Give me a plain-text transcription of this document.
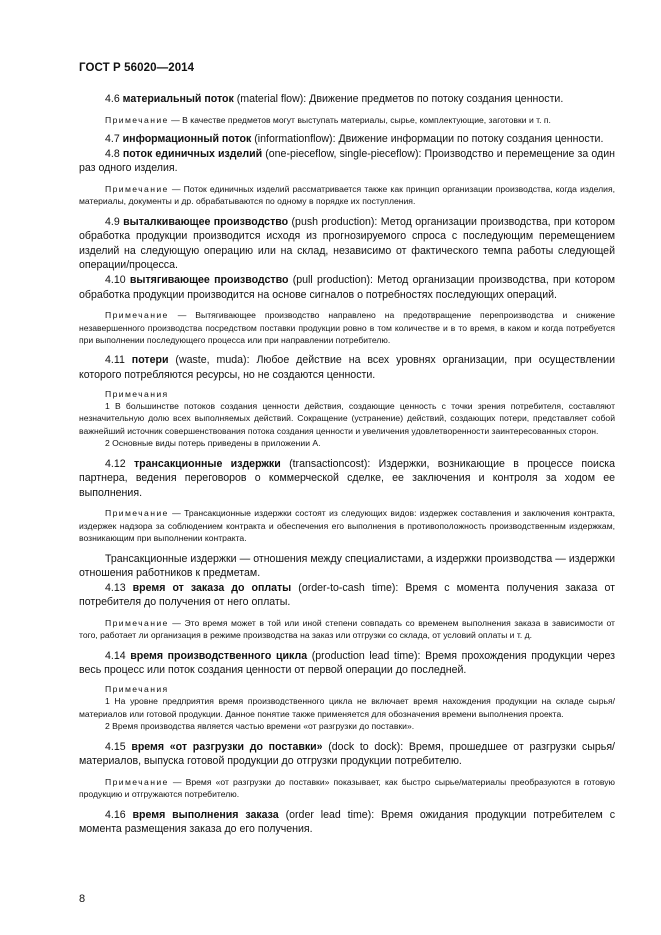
ГОСТ Р 56020—2014

4.6 материальный поток (material flow): Движение предметов по потоку создания ценности.

Примечание — В качестве предметов могут выступать материалы, сырье, комплектующие, заготовки и т. п.

4.7 информационный поток (informationflow): Движение информации по потоку создания ценности.

4.8 поток единичных изделий (one-pieceflow, single-pieceflow): Производство и перемещение за один раз одного изделия.

Примечание — Поток единичных изделий рассматривается также как принцип организации производства, когда изделия, материалы, документы и др. обрабатываются по одному в порядке их поступления.

4.9 выталкивающее производство (push production): Метод организации производства, при котором обработка продукции производится исходя из прогнозируемого спроса с последующим перемещением изделий на следующую операцию или на склад, независимо от фактического темпа работы следующей операции/процесса.

4.10 вытягивающее производство (pull production): Метод организации производства, при котором обработка продукции производится на основе сигналов о потребностях последующих операций.

Примечание — Вытягивающее производство направлено на предотвращение перепроизводства и снижение незавершенного производства посредством поставки продукции ровно в том количестве и в то время, в каком и когда потребуется при выполнении последующего процесса или при направлении потребителю.

4.11 потери (waste, muda): Любое действие на всех уровнях организации, при осуществлении которого потребляются ресурсы, но не создаются ценности.

Примечания

1 В большинстве потоков создания ценности действия, создающие ценность с точки зрения потребителя, составляют незначительную долю всех выполняемых действий. Сокращение (устранение) действий, создающих потери, представляет собой важнейший источник совершенствования потока создания ценности и увеличения удовлетворенности заинтересованных сторон.

2 Основные виды потерь приведены в приложении А.

4.12 трансакционные издержки (transactioncost): Издержки, возникающие в процессе поиска партнера, ведения переговоров о коммерческой сделке, ее заключения и контроля за ходом ее выполнения.

Примечание — Трансакционные издержки состоят из следующих видов: издержек составления и заключения контракта, издержек надзора за соблюдением контракта и обеспечения его выполнения в противоположность производственным издержкам, возникающим при выполнении контракта.

Трансакционные издержки — отношения между специалистами, а издержки производства — издержки отношения работников к предметам.

4.13 время от заказа до оплаты (order-to-cash time): Время с момента получения заказа от потребителя до получения от него оплаты.

Примечание — Это время может в той или иной степени совпадать со временем выполнения заказа в зависимости от того, работает ли организация в режиме производства на заказ или отгрузки со склада, от условий оплаты и т. д.

4.14 время производственного цикла (production lead time): Время прохождения продукции через весь процесс или поток создания ценности от первой операции до последней.

Примечания

1 На уровне предприятия время производственного цикла не включает время нахождения продукции на складе сырья/материалов или готовой продукции. Данное понятие также применяется для обозначения времени выполнения проекта.

2 Время производства является частью времени «от разгрузки до поставки».

4.15 время «от разгрузки до поставки» (dock to dock): Время, прошедшее от разгрузки сырья/материалов, выпуска готовой продукции до отгрузки продукции потребителю.

Примечание — Время «от разгрузки до поставки» показывает, как быстро сырье/материалы преобразуются в готовую продукцию и отгружаются потребителю.

4.16 время выполнения заказа (order lead time): Время ожидания продукции потребителем с момента размещения заказа до его получения.

8
